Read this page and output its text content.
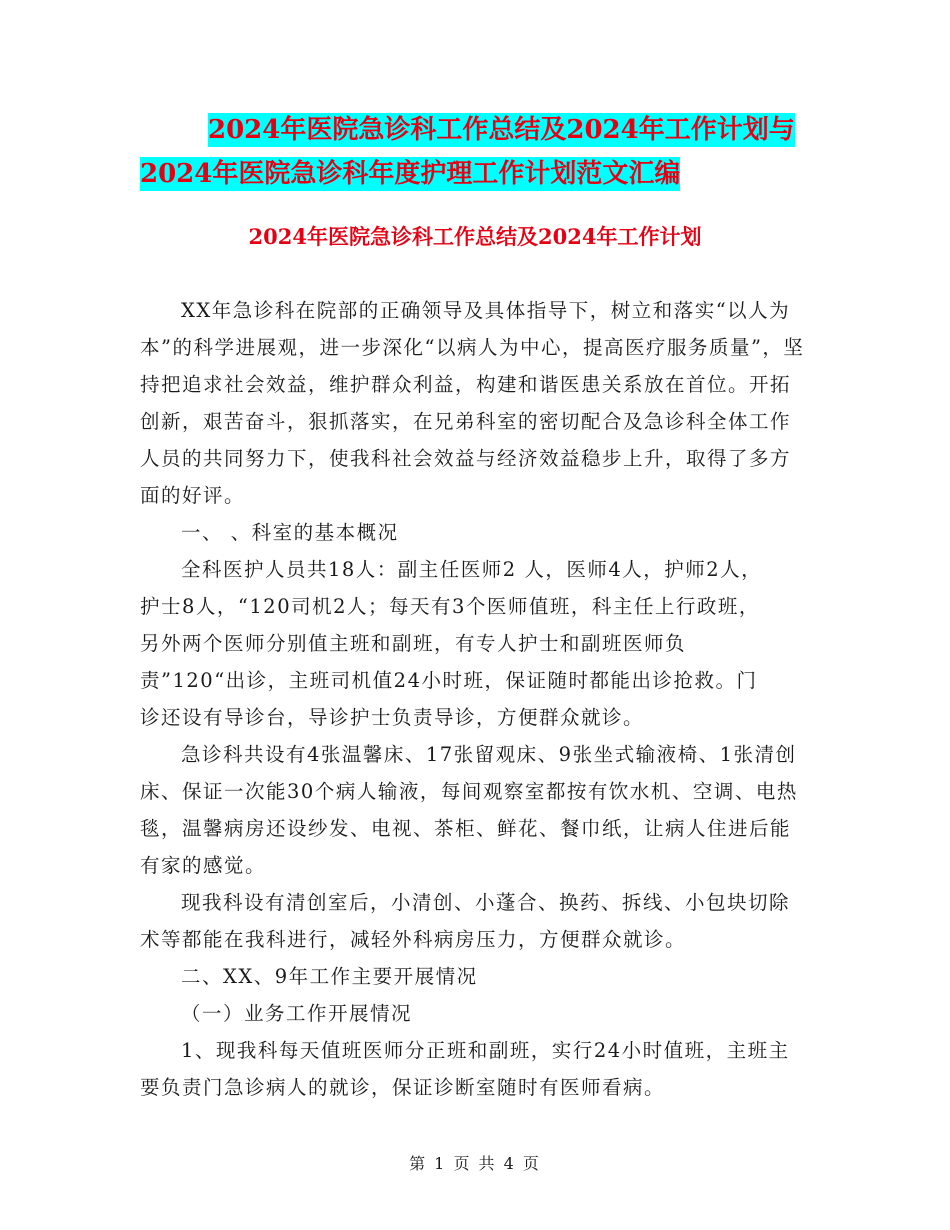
2024年医院急诊科工作总结及2024年工作计划与
2024年医院急诊科年度护理工作计划范文汇编
2024年医院急诊科工作总结及2024年工作计划

XX年急诊科在院部的正确领导及具体指导下，树立和落实“以人为本”的科学进展观，进一步深化“以病人为中心，提高医疗服务质量”，坚持把追求社会效益，维护群众利益，构建和谐医患关系放在首位。开拓创新，艰苦奋斗，狠抓落实，在兄弟科室的密切配合及急诊科全体工作人员的共同努力下，使我科社会效益与经济效益稳步上升，取得了多方面的好评。

一、 、科室的基本概况

全科医护人员共18人：副主任医师2 人，医师4人，护师2人，

护士8人，“120司机2人；每天有3个医师值班，科主任上行政班，

另外两个医师分别值主班和副班，有专人护士和副班医师负

责”120“出诊，主班司机值24小时班，保证随时都能出诊抢救。门

诊还设有导诊台，导诊护士负责导诊，方便群众就诊。

急诊科共设有4张温馨床、17张留观床、9张坐式输液椅、1张清创床、保证一次能30个病人输液，每间观察室都按有饮水机、空调、电热毯，温馨病房还设纱发、电视、茶柜、鲜花、餐巾纸，让病人住进后能有家的感觉。

现我科设有清创室后，小清创、小蓬合、换药、拆线、小包块切除术等都能在我科进行，减轻外科病房压力，方便群众就诊。

二、XX、9年工作主要开展情况

（一）业务工作开展情况

1、现我科每天值班医师分正班和副班，实行24小时值班，主班主要负责门急诊病人的就诊，保证诊断室随时有医师看病。

第 1 页 共 4 页
